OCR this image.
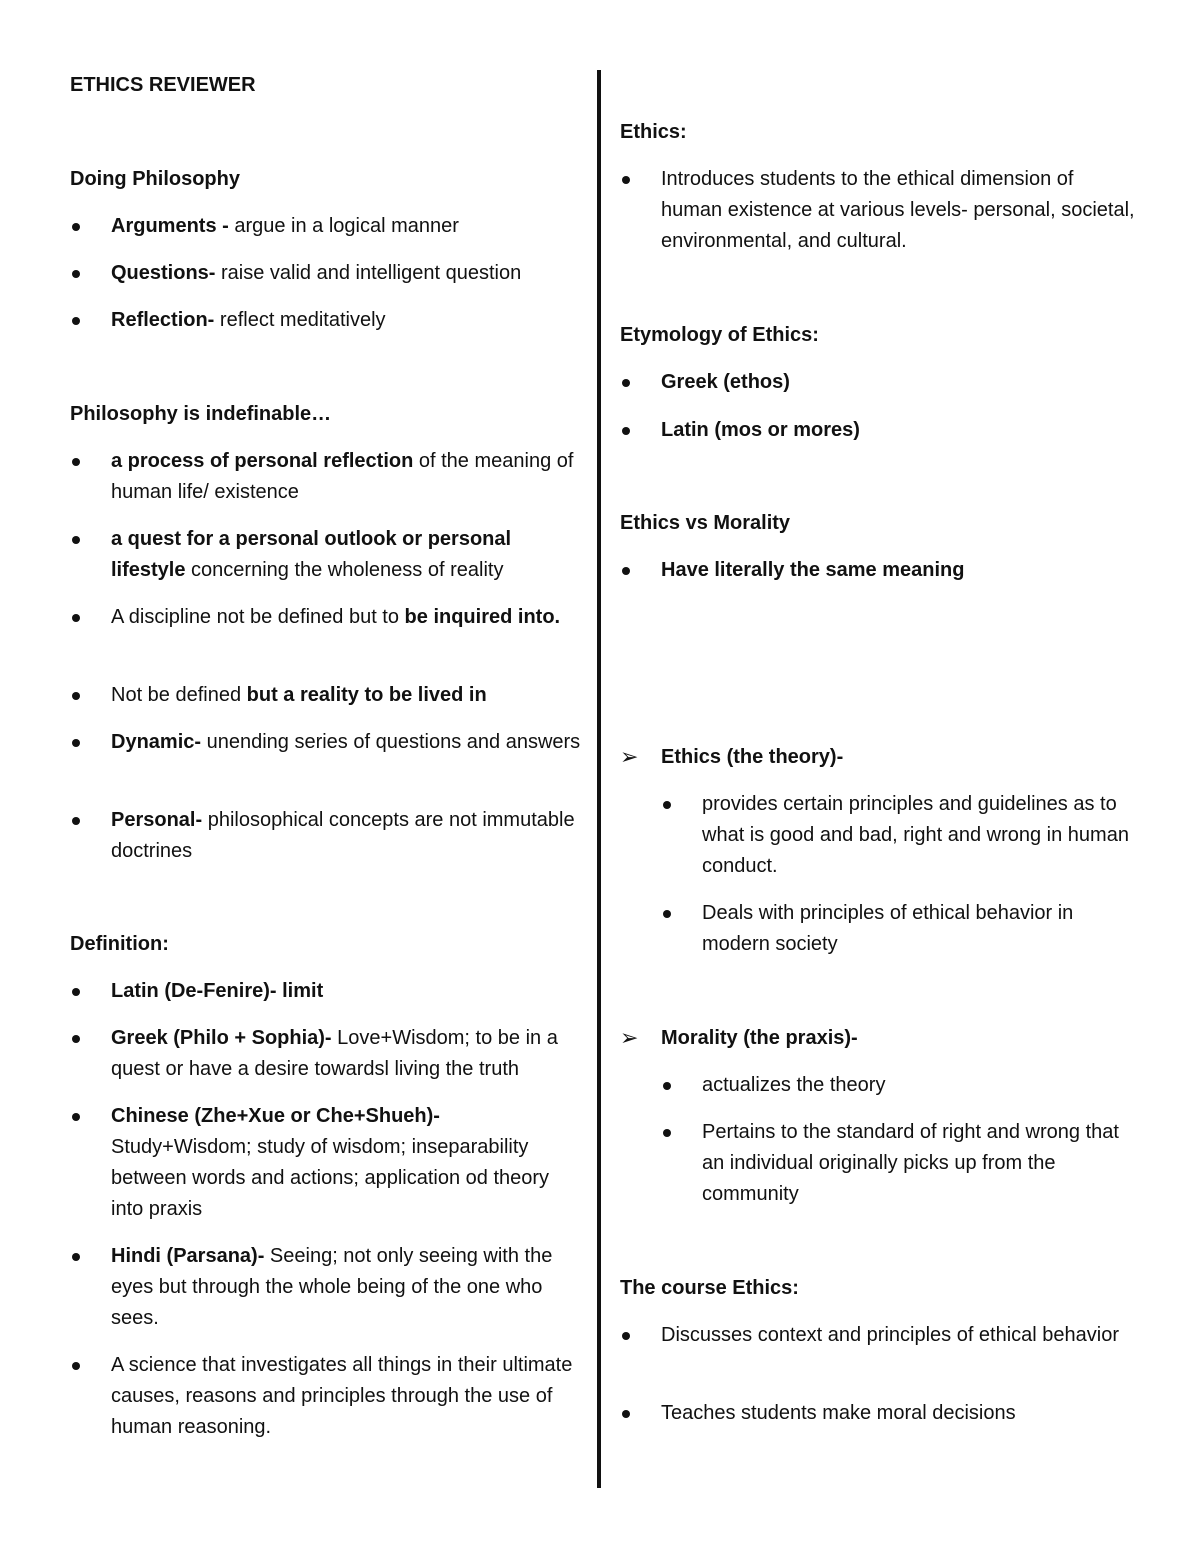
ETHICS REVIEWER
Doing Philosophy
Arguments - argue in a logical manner
Questions- raise valid and intelligent question
Reflection- reflect meditatively
Philosophy is indefinable…
a process of personal reflection of the meaning of human life/ existence
a quest for a personal outlook or personal lifestyle concerning the wholeness of reality
A discipline not be defined but to be inquired into.
Not be defined but a reality to be lived in
Dynamic- unending series of questions and answers
Personal- philosophical concepts are not immutable doctrines
Definition:
Latin (De-Fenire)- limit
Greek (Philo + Sophia)- Love+Wisdom; to be in a quest or have a desire towardsl living the truth
Chinese (Zhe+Xue or Che+Shueh)- Study+Wisdom; study of wisdom; inseparability between words and actions; application od theory into praxis
Hindi (Parsana)- Seeing; not only seeing with the eyes but through the whole being of the one who sees.
A science that investigates all things in their ultimate causes, reasons and principles through the use of human reasoning.
Ethics:
Introduces students to the ethical dimension of human existence at various levels- personal, societal, environmental, and cultural.
Etymology of Ethics:
Greek (ethos)
Latin (mos or mores)
Ethics vs Morality
Have literally the same meaning
➢ Ethics (the theory)-
provides certain principles and guidelines as to what is good and bad, right and wrong in human conduct.
Deals with principles of ethical behavior in modern society
➢ Morality (the praxis)-
actualizes the theory
Pertains to the standard of right and wrong that an individual originally picks up from the community
The course Ethics:
Discusses context and principles of ethical behavior
Teaches students make moral decisions
